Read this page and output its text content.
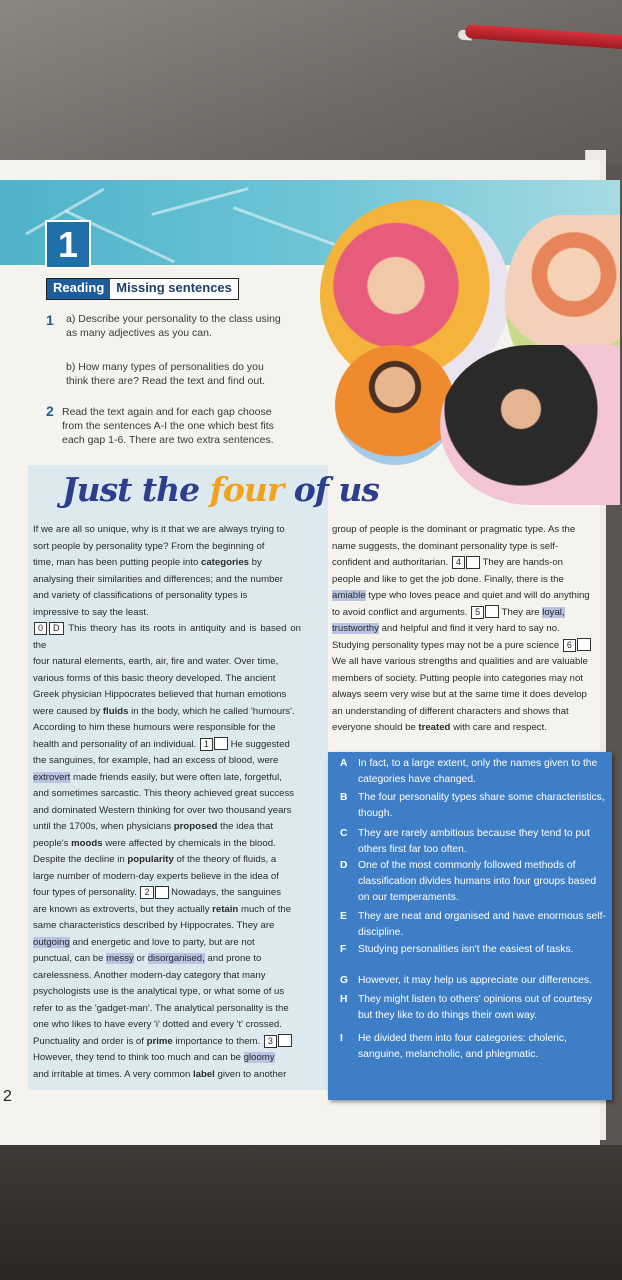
1
Reading Missing sentences
1 a) Describe your personality to the class using
as many adjectives as you can.
b) How many types of personalities do you
think there are? Read the text and find out.
2 Read the text again and for each gap choose
from the sentences A-I the one which best fits
each gap 1-6. There are two extra sentences.
Just the four of us
If we are all so unique, why is it that we are always trying to
sort people by personality type? From the beginning of
time, man has been putting people into categories by
analysing their similarities and differences; and the number
and variety of classifications of personality types is
impressive to say the least.
0 D This theory has its roots in antiquity and is based on the
four natural elements, earth, air, fire and water. Over time,
various forms of this basic theory developed. The ancient
Greek physician Hippocrates believed that human emotions
were caused by fluids in the body, which he called 'humours'.
According to him these humours were responsible for the
health and personality of an individual. 1 He suggested
the sanguines, for example, had an excess of blood, were
extrovert made friends easily, but were often late, forgetful,
and sometimes sarcastic. This theory achieved great success
and dominated Western thinking for over two thousand years
until the 1700s, when physicians proposed the idea that
people's moods were affected by chemicals in the blood.
Despite the decline in popularity of the theory of fluids, a
large number of modern-day experts believe in the idea of
four types of personality. 2 Nowadays, the sanguines
are known as extroverts, but they actually retain much of the
same characteristics described by Hippocrates. They are
outgoing and energetic and love to party, but are not
punctual, can be messy or disorganised, and prone to
carelessness. Another modern-day category that many
psychologists use is the analytical type, or what some of us
refer to as the 'gadget-man'. The analytical personality is the
one who likes to have every 'i' dotted and every 't' crossed.
Punctuality and order is of prime importance to them. 3
However, they tend to think too much and can be gloomy
and irritable at times. A very common label given to another
group of people is the dominant or pragmatic type. As the
name suggests, the dominant personality type is self-
confident and authoritarian. 4 They are hands-on
people and like to get the job done. Finally, there is the
amiable type who loves peace and quiet and will do anything
to avoid conflict and arguments. 5 They are loyal,
trustworthy and helpful and find it very hard to say no.
Studying personality types may not be a pure science 6
We all have various strengths and qualities and are valuable
members of society. Putting people into categories may not
always seem very wise but at the same time it does develop
an understanding of different characters and shows that
everyone should be treated with care and respect.
A In fact, to a large extent, only the names given to the categories have changed.
B The four personality types share some characteristics, though.
C They are rarely ambitious because they tend to put others first far too often.
D One of the most commonly followed methods of classification divides humans into four groups based on our temperaments.
E They are neat and organised and have enormous self-discipline.
F Studying personalities isn't the easiest of tasks.
G However, it may help us appreciate our differences.
H They might listen to others' opinions out of courtesy but they like to do things their own way.
I He divided them into four categories: choleric, sanguine, melancholic, and phlegmatic.
2
